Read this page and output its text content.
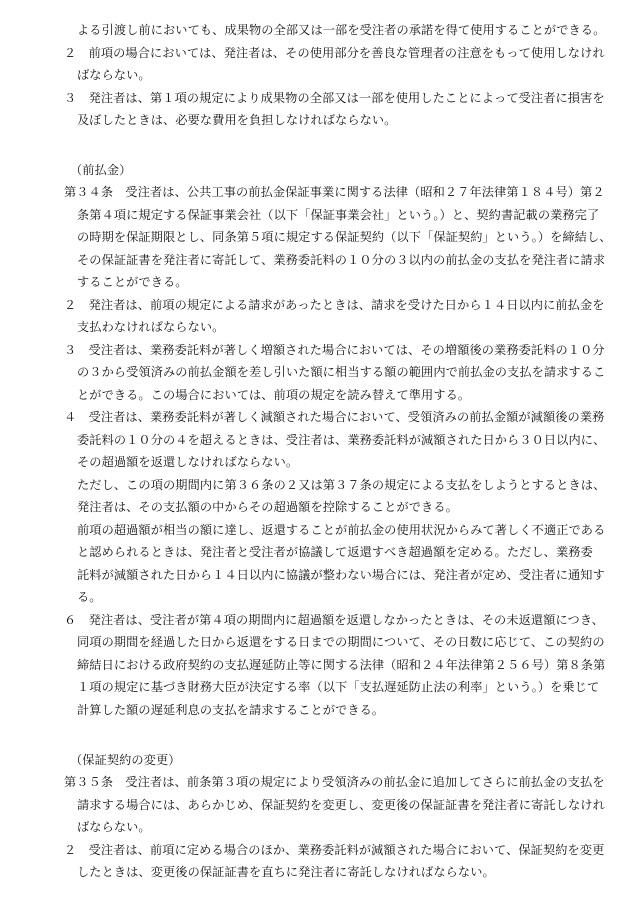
よる引渡し前においても、成果物の全部又は一部を受注者の承諾を得て使用することができる。
２　前項の場合においては、発注者は、その使用部分を善良な管理者の注意をもって使用しなけれ
ばならない。
３　発注者は、第１項の規定により成果物の全部又は一部を使用したことによって受注者に損害を
及ぼしたときは、必要な費用を負担しなければならない。
（前払金）
第３４条　受注者は、公共工事の前払金保証事業に関する法律（昭和２７年法律第１８４号）第２
条第４項に規定する保証事業会社（以下「保証事業会社」という。）と、契約書記載の業務完了
の時期を保証期限とし、同条第５項に規定する保証契約（以下「保証契約」という。）を締結し、
その保証証書を発注者に寄託して、業務委託料の１０分の３以内の前払金の支払を発注者に請求
することができる。
２　発注者は、前項の規定による請求があったときは、請求を受けた日から１４日以内に前払金を
支払わなければならない。
３　受注者は、業務委託料が著しく増額された場合においては、その増額後の業務委託料の１０分
の３から受領済みの前払金額を差し引いた額に相当する額の範囲内で前払金の支払を請求するこ
とができる。この場合においては、前項の規定を読み替えて準用する。
４　受注者は、業務委託料が著しく減額された場合において、受領済みの前払金額が減額後の業務
委託料の１０分の４を超えるときは、受注者は、業務委託料が減額された日から３０日以内に、
その超過額を返還しなければならない。
ただし、この項の期間内に第３６条の２又は第３７条の規定による支払をしようとするときは、
発注者は、その支払額の中からその超過額を控除することができる。
前項の超過額が相当の額に達し、返還することが前払金の使用状況からみて著しく不適正である
と認められるときは、発注者と受注者が協議して返還すべき超過額を定める。ただし、業務委
託料が減額された日から１４日以内に協議が整わない場合には、発注者が定め、受注者に通知す
る。
６　発注者は、受注者が第４項の期間内に超過額を返還しなかったときは、その未返還額につき、
同項の期間を経過した日から返還をする日までの期間について、その日数に応じて、この契約の
締結日における政府契約の支払遅延防止等に関する法律（昭和２４年法律第２５６号）第８条第
１項の規定に基づき財務大臣が決定する率（以下「支払遅延防止法の利率」という。）を乗じて
計算した額の遅延利息の支払を請求することができる。
（保証契約の変更）
第３５条　受注者は、前条第３項の規定により受領済みの前払金に追加してさらに前払金の支払を
請求する場合には、あらかじめ、保証契約を変更し、変更後の保証証書を発注者に寄託しなけれ
ばならない。
２　受注者は、前項に定める場合のほか、業務委託料が減額された場合において、保証契約を変更
したときは、変更後の保証証書を直ちに発注者に寄託しなければならない。
